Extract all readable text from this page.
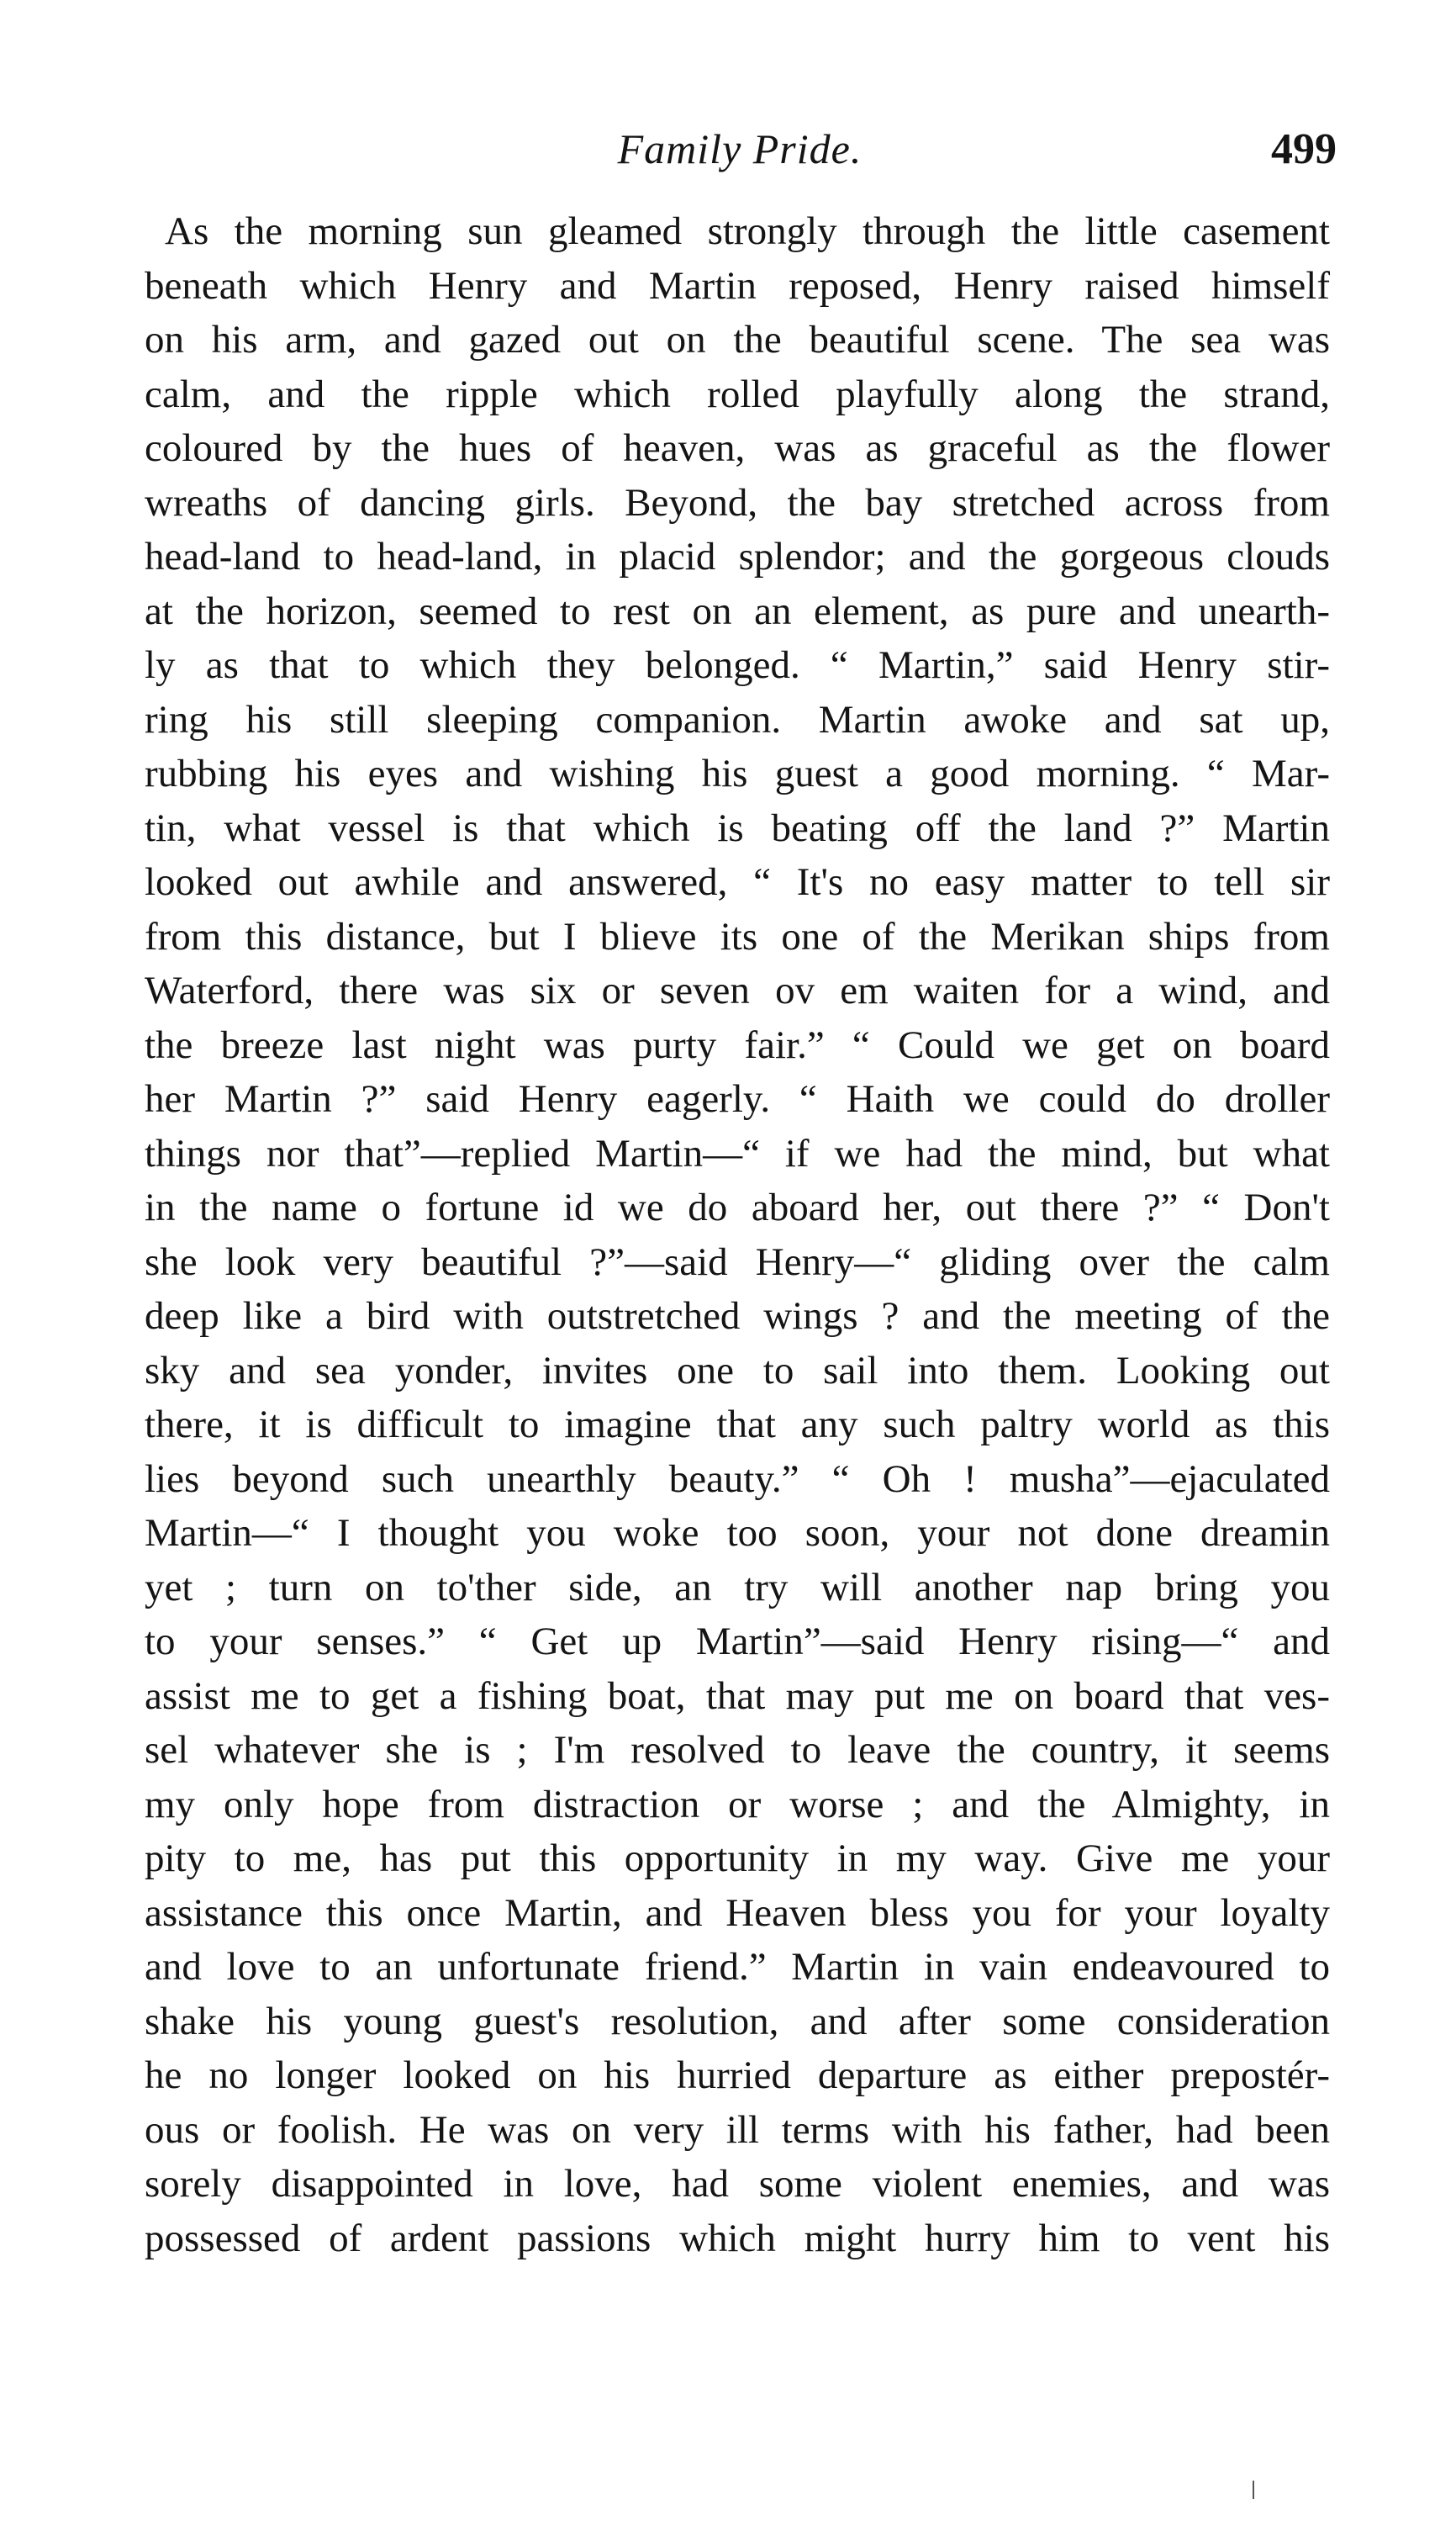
Family Pride.	499
As the morning sun gleamed strongly through the little casement
beneath which Henry and Martin reposed, Henry raised himself
on his arm, and gazed out on the beautiful scene. The sea was
calm, and the ripple which rolled playfully along the strand,
coloured by the hues of heaven, was as graceful as the flower
wreaths of dancing girls. Beyond, the bay stretched across from
head-land to head-land, in placid splendor; and the gorgeous clouds
at the horizon, seemed to rest on an element, as pure and unearth-
ly as that to which they belonged. “ Martin,” said Henry stir-
ring his still sleeping companion. Martin awoke and sat up,
rubbing his eyes and wishing his guest a good morning. “ Mar-
tin, what vessel is that which is beating off the land ?” Martin
looked out awhile and answered, “ It's no easy matter to tell sir
from this distance, but I blieve its one of the Merikan ships from
Waterford, there was six or seven ov em waiten for a wind, and
the breeze last night was purty fair.” “ Could we get on board
her Martin ?” said Henry eagerly. “ Haith we could do droller
things nor that”—replied Martin—“ if we had the mind, but what
in the name o fortune id we do aboard her, out there ?” “ Don't
she look very beautiful ?”—said Henry—“ gliding over the calm
deep like a bird with outstretched wings ? and the meeting of the
sky and sea yonder, invites one to sail into them. Looking out
there, it is difficult to imagine that any such paltry world as this
lies beyond such unearthly beauty.” “ Oh ! musha”—ejaculated
Martin—“ I thought you woke too soon, your not done dreamin
yet ; turn on to'ther side, an try will another nap bring you
to your senses.” “ Get up Martin”—said Henry rising—“ and
assist me to get a fishing boat, that may put me on board that ves-
sel whatever she is ; I'm resolved to leave the country, it seems
my only hope from distraction or worse ; and the Almighty, in
pity to me, has put this opportunity in my way. Give me your
assistance this once Martin, and Heaven bless you for your loyalty
and love to an unfortunate friend.” Martin in vain endeavoured to
shake his young guest's resolution, and after some consideration
he no longer looked on his hurried departure as either prepostér-
ous or foolish. He was on very ill terms with his father, had been
sorely disappointed in love, had some violent enemies, and was
possessed of ardent passions which might hurry him to vent his
